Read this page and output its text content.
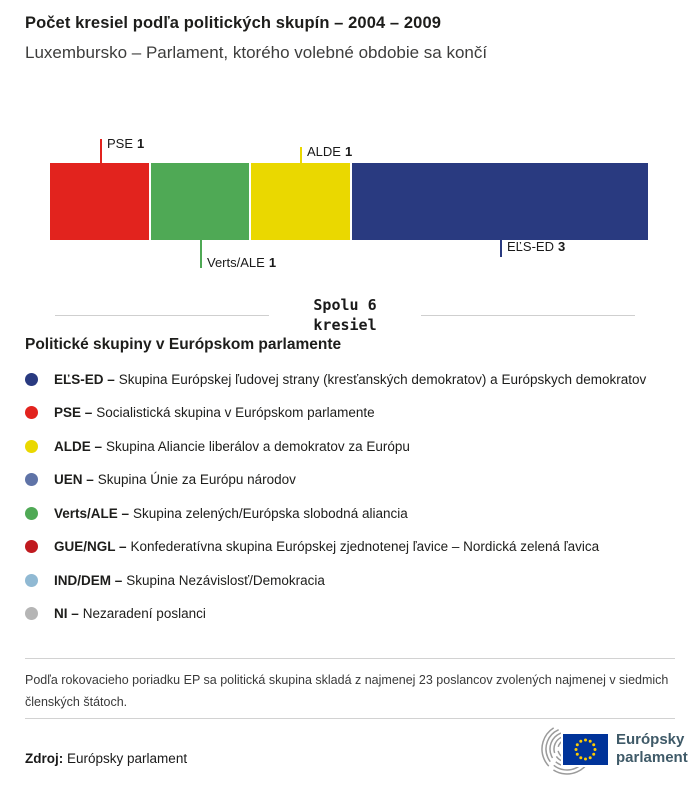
Počet kresiel podľa politických skupín – 2004 – 2009
Luxembursko – Parlament, ktorého volebné obdobie sa končí
PSE 1
ALDE 1
Verts/ALE 1
EĽS-ED 3
Spolu 6
kresiel
Politické skupiny v Európskom parlamente
EĽS-ED – Skupina Európskej ľudovej strany (kresťanských demokratov) a Európskych demokratov
PSE – Socialistická skupina v Európskom parlamente
ALDE – Skupina Aliancie liberálov a demokratov za Európu
UEN – Skupina Únie za Európu národov
Verts/ALE – Skupina zelených/Európska slobodná aliancia
GUE/NGL – Konfederatívna skupina Európskej zjednotenej ľavice – Nordická zelená ľavica
IND/DEM – Skupina Nezávislosť/Demokracia
NI – Nezaradení poslanci

Podľa rokovacieho poriadku EP sa politická skupina skladá z najmenej 23 poslancov zvolených najmenej v siedmich členských štátoch.

Zdroj: Európsky parlament
Európsky
parlament
